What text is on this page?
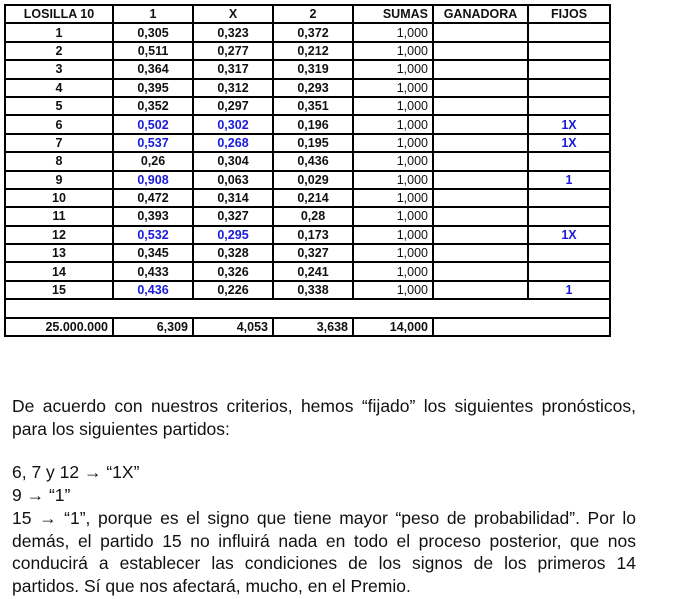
LOSILLA 10	1	X	2	SUMAS	GANADORA	FIJOS
1	0,305	0,323	0,372	1,000		
2	0,511	0,277	0,212	1,000		
3	0,364	0,317	0,319	1,000		
4	0,395	0,312	0,293	1,000		
5	0,352	0,297	0,351	1,000		
6	0,502	0,302	0,196	1,000		1X
7	0,537	0,268	0,195	1,000		1X
8	0,26	0,304	0,436	1,000		
9	0,908	0,063	0,029	1,000		1
10	0,472	0,314	0,214	1,000		
11	0,393	0,327	0,28	1,000		
12	0,532	0,295	0,173	1,000		1X
13	0,345	0,328	0,327	1,000		
14	0,433	0,326	0,241	1,000		
15	0,436	0,226	0,338	1,000		1

25.000.000	6,309	4,053	3,638	14,000		

De acuerdo con nuestros criterios, hemos “fijado” los siguientes pronósticos, para los siguientes partidos:

6, 7 y 12 → “1X”

9 → “1”

15 → “1”, porque es el signo que tiene mayor “peso de probabilidad”. Por lo demás, el partido 15 no influirá nada en todo el proceso posterior, que nos conducirá a establecer las condiciones de los signos de los primeros 14 partidos. Sí que nos afectará, mucho, en el Premio.
